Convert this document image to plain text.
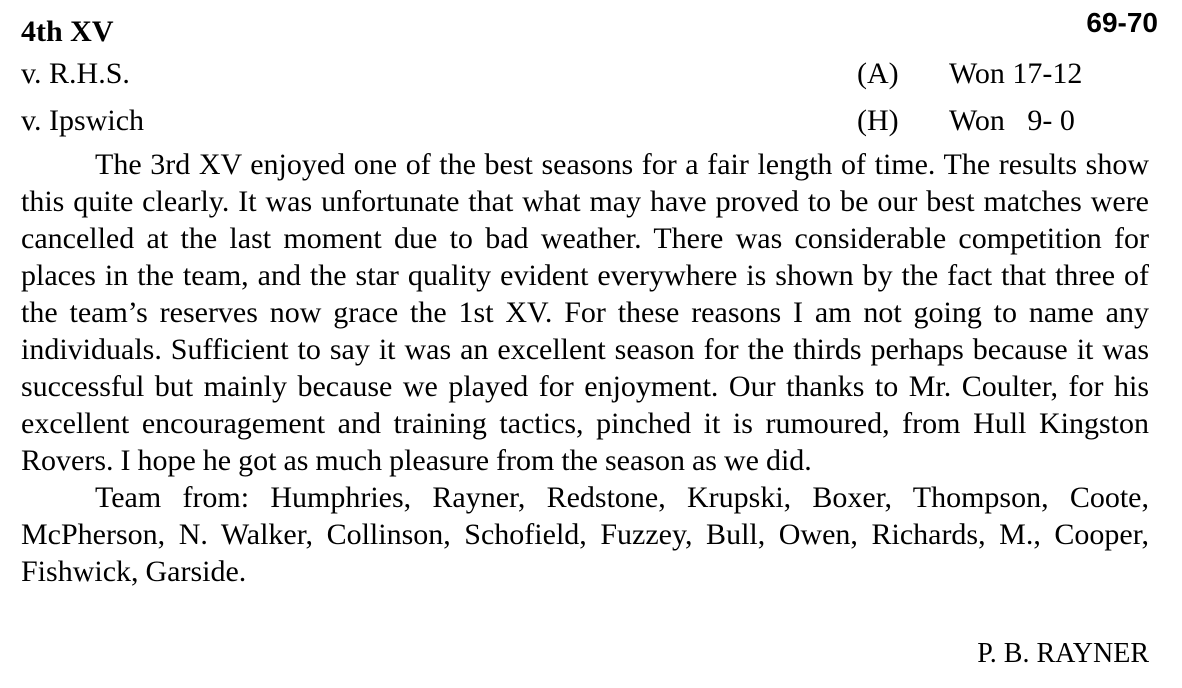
69-70
4th XV
v. R.H.S.	(A) Won 17-12
v. Ipswich	(H) Won   9- 0

The 3rd XV enjoyed one of the best seasons for a fair length of time. The results show this quite clearly. It was unfortunate that what may have proved to be our best matches were cancelled at the last moment due to bad weather. There was considerable competition for places in the team, and the star quality evident everywhere is shown by the fact that three of the team’s reserves now grace the 1st XV. For these reasons I am not going to name any individuals. Sufficient to say it was an excellent season for the thirds perhaps because it was successful but mainly because we played for enjoyment. Our thanks to Mr. Coulter, for his excellent encouragement and training tactics, pinched it is rumoured, from Hull Kingston Rovers. I hope he got as much pleasure from the season as we did.

Team from: Humphries, Rayner, Redstone, Krupski, Boxer, Thompson, Coote, McPherson, N. Walker, Collinson, Schofield, Fuzzey, Bull, Owen, Richards, M., Cooper, Fishwick, Garside.

P. B. RAYNER
